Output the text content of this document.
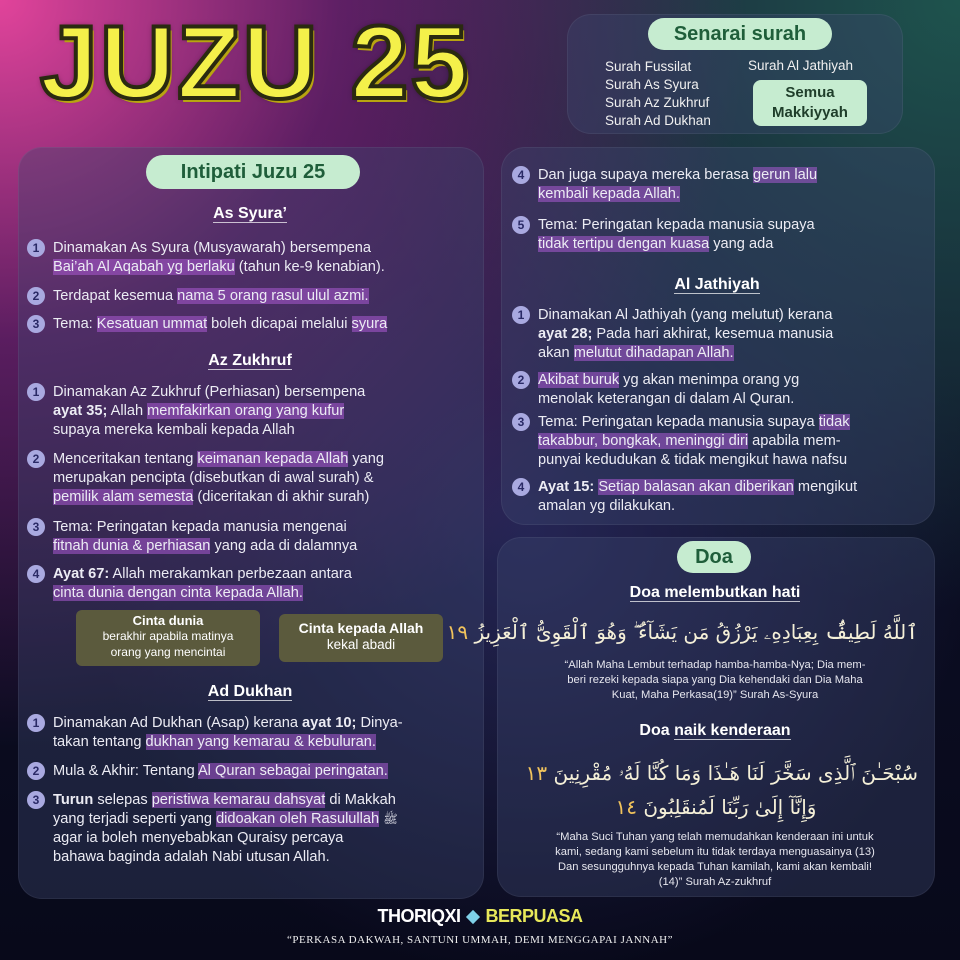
JUZU 25	Senarai surah
Surah Fussilat
Surah As Syura
Surah Az Zukhruf
Surah Ad Dukhan
Surah Al Jathiyah
Semua
Makkiyyah
Intipati Juzu 25
As Syura’
1 Dinamakan As Syura (Musyawarah) bersempena
Bai’ah Al Aqabah yg berlaku (tahun ke-9 kenabian).
2 Terdapat kesemua nama 5 orang rasul ulul azmi.
3 Tema: Kesatuan ummat boleh dicapai melalui syura
Az Zukhruf
1 Dinamakan Az Zukhruf (Perhiasan) bersempena
ayat 35; Allah memfakirkan orang yang kufur
supaya mereka kembali kepada Allah
2 Menceritakan tentang keimanan kepada Allah yang
merupakan pencipta (disebutkan di awal surah) &
pemilik alam semesta (diceritakan di akhir surah)
3 Tema: Peringatan kepada manusia mengenai
fitnah dunia & perhiasan yang ada di dalamnya
4 Ayat 67: Allah merakamkan perbezaan antara
cinta dunia dengan cinta kepada Allah.
Cinta dunia
berakhir apabila matinya
orang yang mencintai
Cinta kepada Allah
kekal abadi
Ad Dukhan
1 Dinamakan Ad Dukhan (Asap) kerana ayat 10; Dinya-
takan tentang dukhan yang kemarau & kebuluran.
2 Mula & Akhir: Tentang Al Quran sebagai peringatan.
3 Turun selepas peristiwa kemarau dahsyat di Makkah
yang terjadi seperti yang didoakan oleh Rasulullah ﷺ
agar ia boleh menyebabkan Quraisy percaya
bahawa baginda adalah Nabi utusan Allah.
4 Dan juga supaya mereka berasa gerun lalu
kembali kepada Allah.
5 Tema: Peringatan kepada manusia supaya
tidak tertipu dengan kuasa yang ada
Al Jathiyah
1 Dinamakan Al Jathiyah (yang melutut) kerana
ayat 28; Pada hari akhirat, kesemua manusia
akan melutut dihadapan Allah.
2 Akibat buruk yg akan menimpa orang yg
menolak keterangan di dalam Al Quran.
3 Tema: Peringatan kepada manusia supaya tidak
takabbur, bongkak, meninggi diri apabila mem-
punyai kedudukan & tidak mengikut hawa nafsu
4 Ayat 15: Setiap balasan akan diberikan mengikut
amalan yg dilakukan.
Doa
Doa melembutkan hati
ٱللَّهُ لَطِيفٌۢ بِعِبَادِهِۦ يَرْزُقُ مَن يَشَآءُ ۖ وَهُوَ ٱلْقَوِىُّ ٱلْعَزِيزُ ١٩
“Allah Maha Lembut terhadap hamba-hamba-Nya; Dia mem-
beri rezeki kepada siapa yang Dia kehendaki dan Dia Maha
Kuat, Maha Perkasa(19)” Surah As-Syura
Doa naik kenderaan
سُبْحَـٰنَ ٱلَّذِى سَخَّرَ لَنَا هَـٰذَا وَمَا كُنَّا لَهُۥ مُقْرِنِينَ ١٣
وَإِنَّآ إِلَىٰ رَبِّنَا لَمُنقَلِبُونَ ١٤
“Maha Suci Tuhan yang telah memudahkan kenderaan ini untuk
kami, sedang kami sebelum itu tidak terdaya menguasainya (13)
Dan sesungguhnya kepada Tuhan kamilah, kami akan kembali!
(14)” Surah Az-zukhruf
THORIQXI BERPUASA
“PERKASA DAKWAH, SANTUNI UMMAH, DEMI MENGGAPAI JANNAH”
